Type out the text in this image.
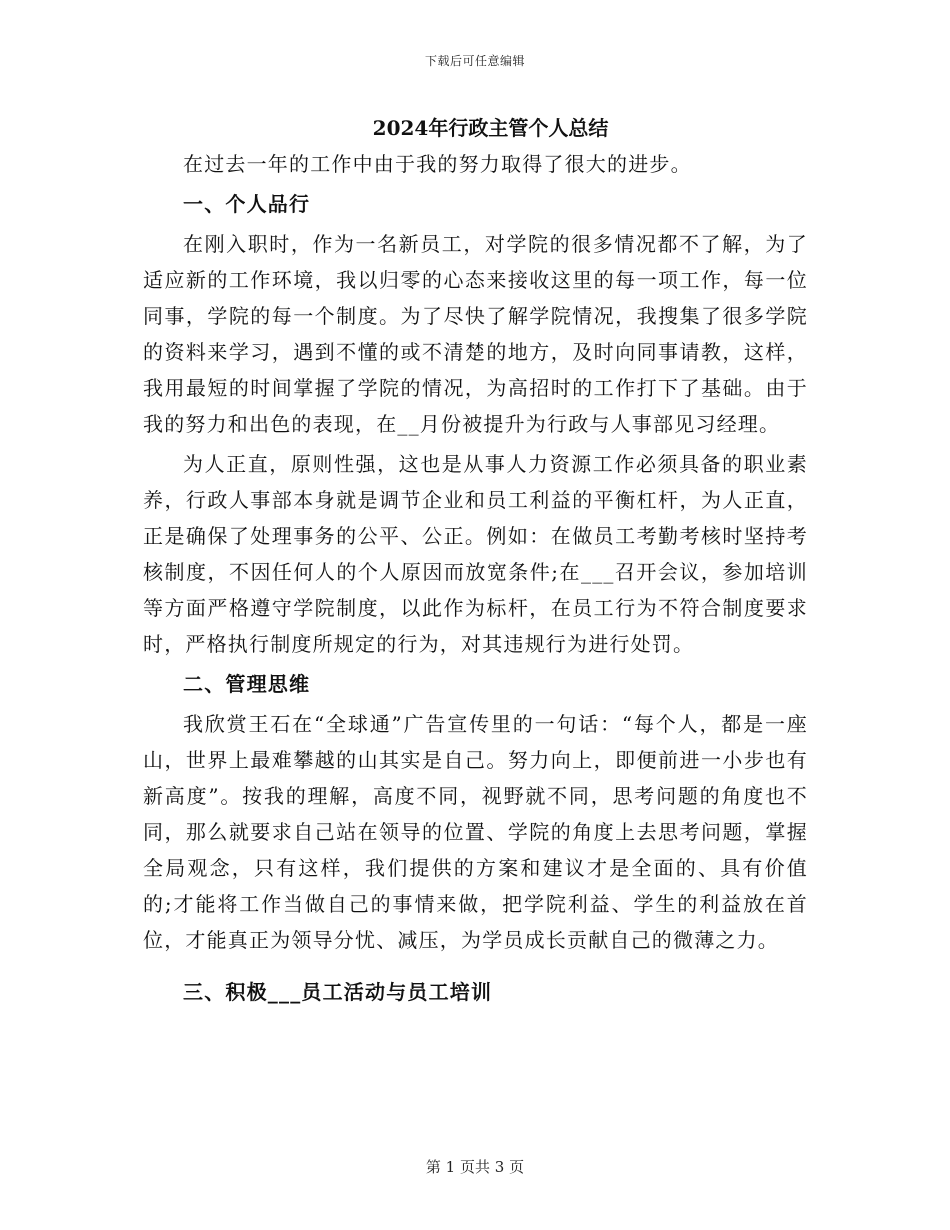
下载后可任意编辑
2024年行政主管个人总结

在过去一年的工作中由于我的努力取得了很大的进步。

一、个人品行

在刚入职时，作为一名新员工，对学院的很多情况都不了解，为了适应新的工作环境，我以归零的心态来接收这里的每一项工作，每一位同事，学院的每一个制度。为了尽快了解学院情况，我搜集了很多学院的资料来学习，遇到不懂的或不清楚的地方，及时向同事请教，这样，我用最短的时间掌握了学院的情况，为高招时的工作打下了基础。由于我的努力和出色的表现，在__月份被提升为行政与人事部见习经理。

为人正直，原则性强，这也是从事人力资源工作必须具备的职业素养，行政人事部本身就是调节企业和员工利益的平衡杠杆，为人正直，正是确保了处理事务的公平、公正。例如：在做员工考勤考核时坚持考核制度，不因任何人的个人原因而放宽条件;在___召开会议，参加培训等方面严格遵守学院制度，以此作为标杆，在员工行为不符合制度要求时，严格执行制度所规定的行为，对其违规行为进行处罚。

二、管理思维

我欣赏王石在“全球通”广告宣传里的一句话：“每个人，都是一座山，世界上最难攀越的山其实是自己。努力向上，即便前进一小步也有新高度”。按我的理解，高度不同，视野就不同，思考问题的角度也不同，那么就要求自己站在领导的位置、学院的角度上去思考问题，掌握全局观念，只有这样，我们提供的方案和建议才是全面的、具有价值的;才能将工作当做自己的事情来做，把学院利益、学生的利益放在首位，才能真正为领导分忧、减压，为学员成长贡献自己的微薄之力。

三、积极___员工活动与员工培训

第 1 页共 3 页
